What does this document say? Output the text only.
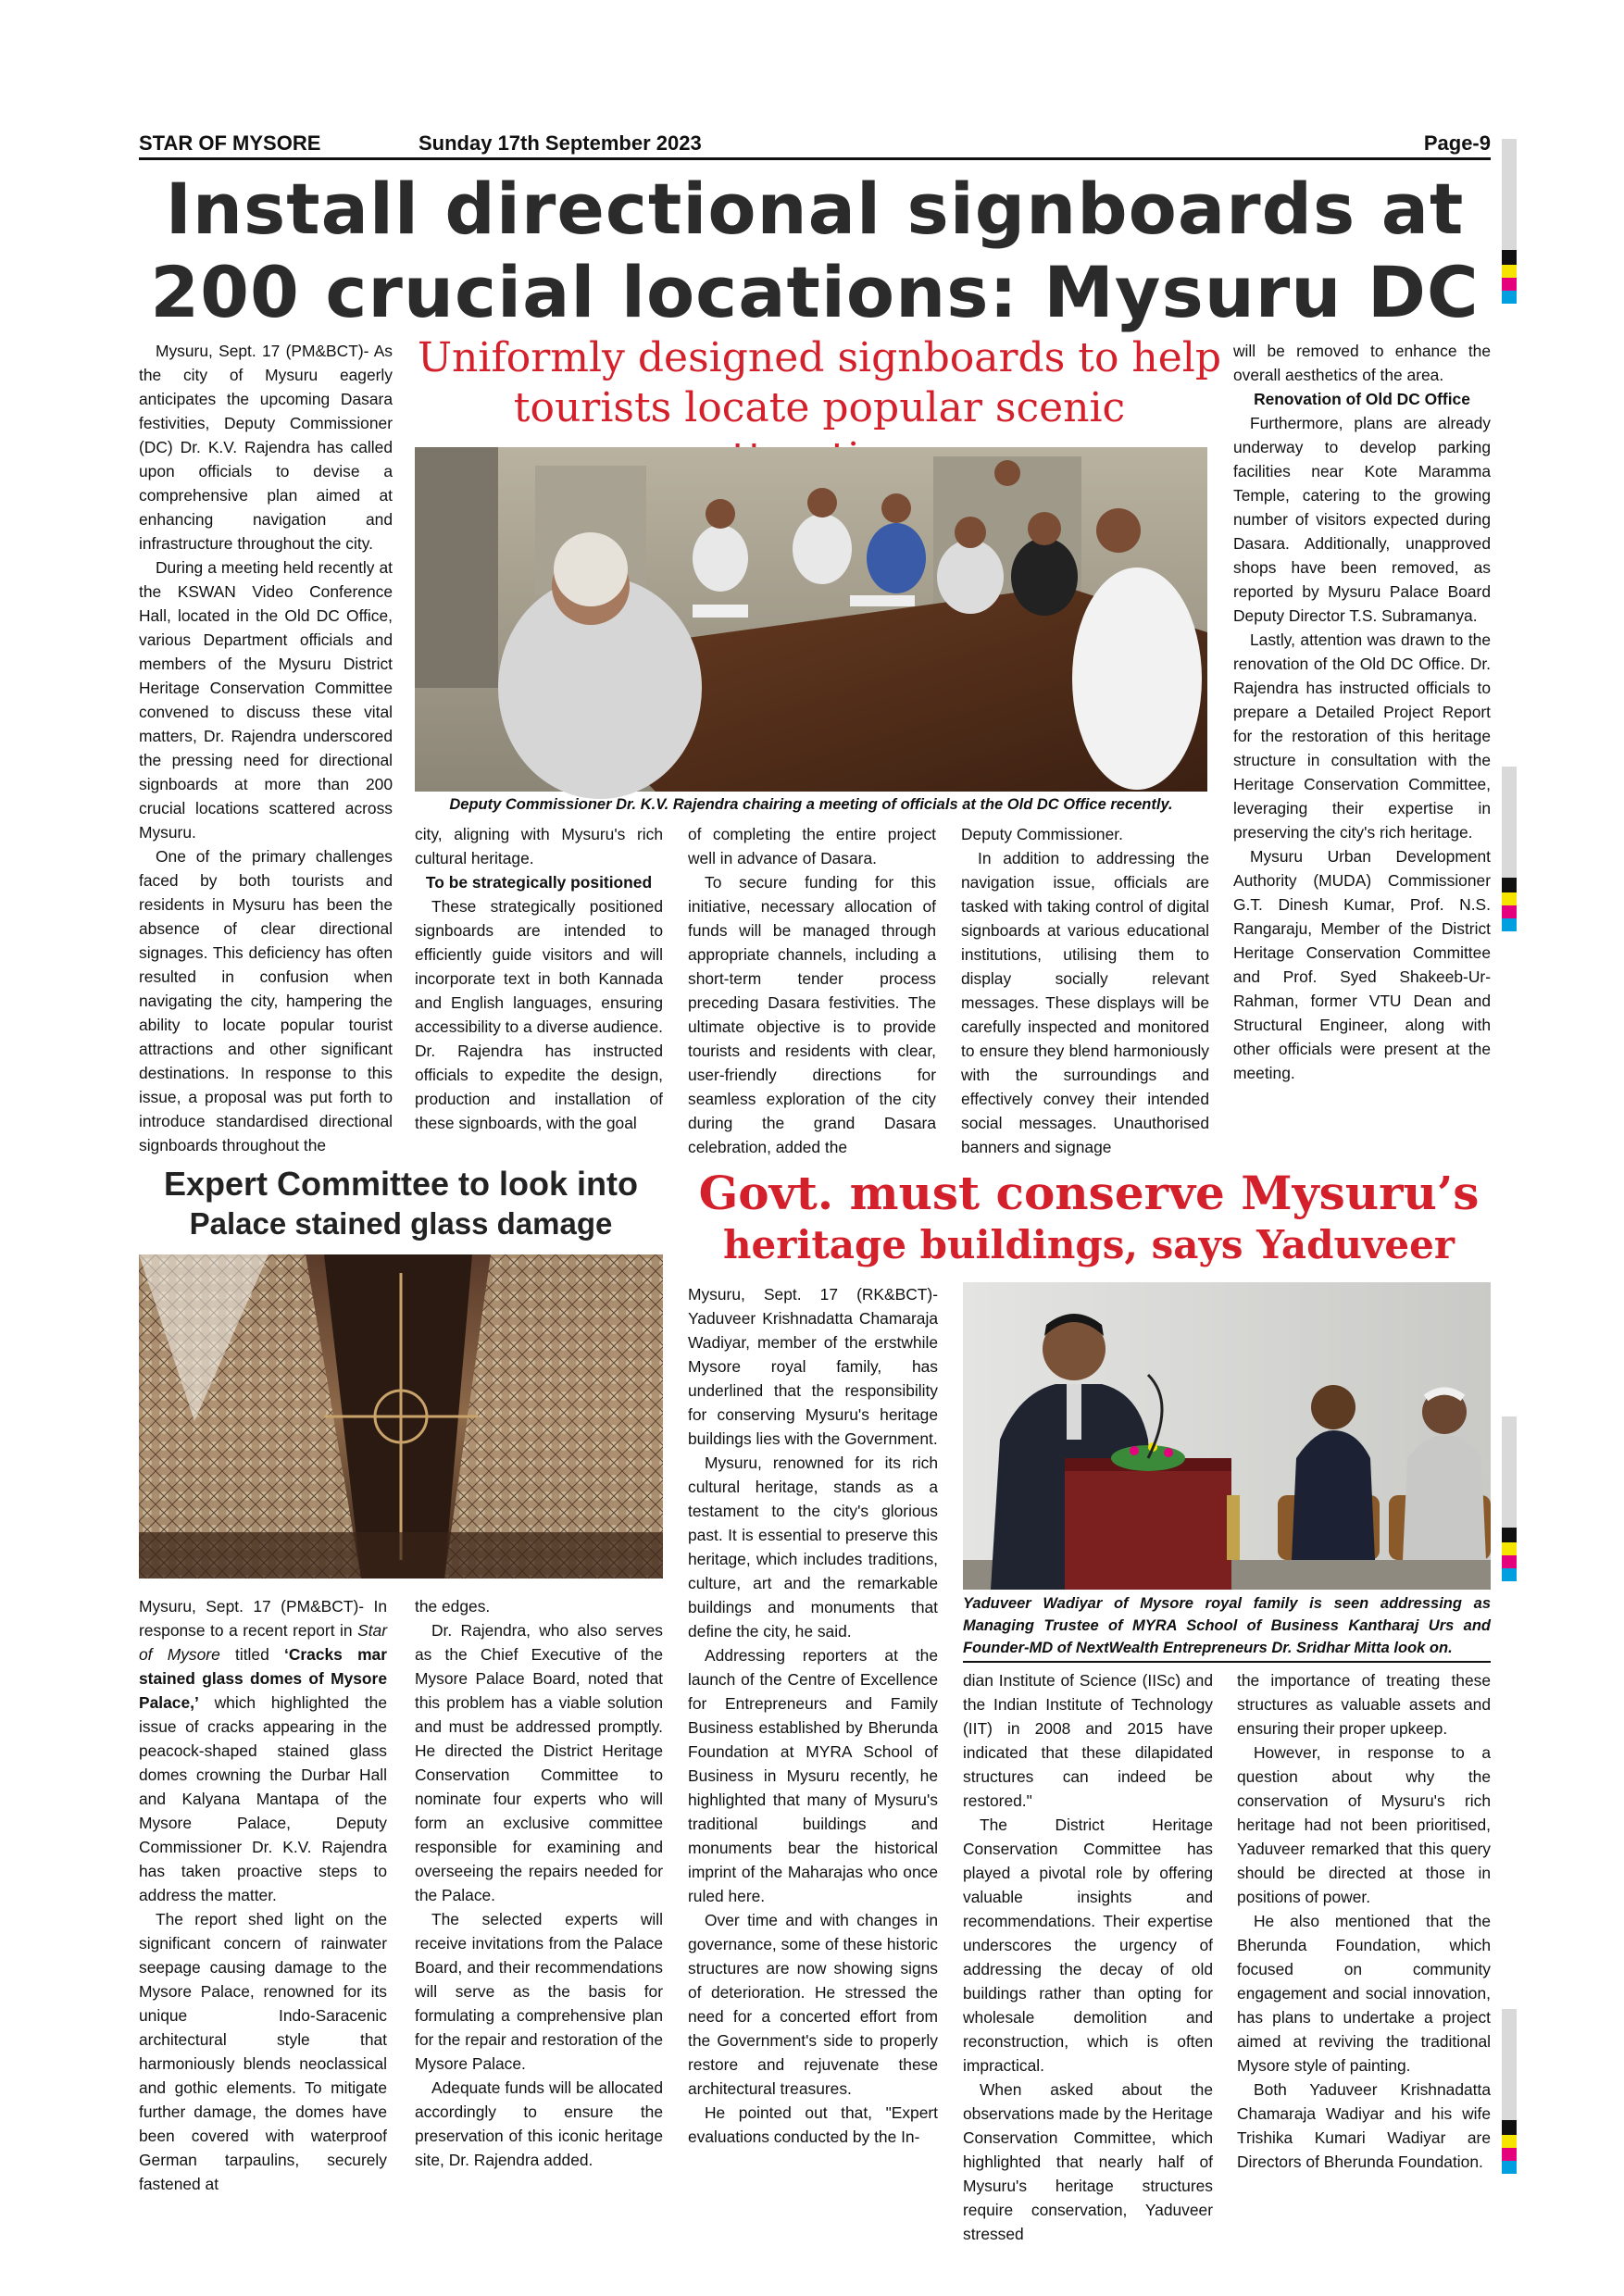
STAR OF MYSORE	Sunday 17th September 2023	Page-9
Install directional signboards at
200 crucial locations: Mysuru DC
Uniformly designed signboards to help
tourists locate popular scenic
Deputy Commissioner Dr. K.V. Rajendra chairing a meeting of officials at the Old DC Office recently.

Mysuru, Sept. 17 (PM&BCT)- As the city of Mysuru eagerly anticipates the upcoming Dasara festivities, Deputy Commissioner (DC) Dr. K.V. Rajendra has called upon officials to devise a comprehensive plan aimed at enhancing navigation and infrastructure throughout the city.

During a meeting held recently at the KSWAN Video Conference Hall, located in the Old DC Office, various Department officials and members of the Mysuru District Heritage Conservation Committee convened to discuss these vital matters, Dr. Rajendra underscored the pressing need for directional signboards at more than 200 crucial locations scattered across Mysuru.

One of the primary challenges faced by both tourists and residents in Mysuru has been the absence of clear directional signages. This deficiency has often resulted in confusion when navigating the city, hampering the ability to locate popular tourist attractions and other significant destinations. In response to this issue, a proposal was put forth to introduce standardised directional signboards throughout the

city, aligning with Mysuru's rich cultural heritage.

To be strategically positioned

These strategically positioned signboards are intended to efficiently guide visitors and will incorporate text in both Kannada and English languages, ensuring accessibility to a diverse audience. Dr. Rajendra has instructed officials to expedite the design, production and installation of these signboards, with the goal

of completing the entire project well in advance of Dasara.

To secure funding for this initiative, necessary allocation of funds will be managed through appropriate channels, including a short-term tender process preceding Dasara festivities. The ultimate objective is to provide tourists and residents with clear, user-friendly directions for seamless exploration of the city during the grand Dasara celebration, added the

Deputy Commissioner.

In addition to addressing the navigation issue, officials are tasked with taking control of digital signboards at various educational institutions, utilising them to display socially relevant messages. These displays will be carefully inspected and monitored to ensure they blend harmoniously with the surroundings and effectively convey their intended social messages. Unauthorised banners and signage

will be removed to enhance the overall aesthetics of the area.

Renovation of Old DC Office

Furthermore, plans are already underway to develop parking facilities near Kote Maramma Temple, catering to the growing number of visitors expected during Dasara. Additionally, unapproved shops have been removed, as reported by Mysuru Palace Board Deputy Director T.S. Subramanya.

Lastly, attention was drawn to the renovation of the Old DC Office. Dr. Rajendra has instructed officials to prepare a Detailed Project Report for the restoration of this heritage structure in consultation with the Heritage Conservation Committee, leveraging their expertise in preserving the city's rich heritage.

Mysuru Urban Development Authority (MUDA) Commissioner G.T. Dinesh Kumar, Prof. N.S. Rangaraju, Member of the District Heritage Conservation Committee and Prof. Syed Shakeeb-Ur-Rahman, former VTU Dean and Structural Engineer, along with other officials were present at the meeting.

Expert Committee to look into
Palace stained glass damage

Mysuru, Sept. 17 (PM&BCT)- In response to a recent report in Star of Mysore titled ‘Cracks mar stained glass domes of Mysore Palace,’ which highlighted the issue of cracks appearing in the peacock-shaped stained glass domes crowning the Durbar Hall and Kalyana Mantapa of the Mysore Palace, Deputy Commissioner Dr. K.V. Rajendra has taken proactive steps to address the matter.

The report shed light on the significant concern of rainwater seepage causing damage to the Mysore Palace, renowned for its unique Indo-Saracenic architectural style that harmoniously blends neoclassical and gothic elements. To mitigate further damage, the domes have been covered with waterproof German tarpaulins, securely fastened at

the edges.

Dr. Rajendra, who also serves as the Chief Executive of the Mysore Palace Board, noted that this problem has a viable solution and must be addressed promptly. He directed the District Heritage Conservation Committee to nominate four experts who will form an exclusive committee responsible for examining and overseeing the repairs needed for the Palace.

The selected experts will receive invitations from the Palace Board, and their recommendations will serve as the basis for formulating a comprehensive plan for the repair and restoration of the Mysore Palace.

Adequate funds will be allocated accordingly to ensure the preservation of this iconic heritage site, Dr. Rajendra added.

Govt. must conserve Mysuru’s
heritage buildings, says Yaduveer
Yaduveer Wadiyar of Mysore royal family is seen addressing as Managing Trustee of MYRA School of Business Kantharaj Urs and Founder-MD of NextWealth Entrepreneurs Dr. Sridhar Mitta look on.

Mysuru, Sept. 17 (RK&BCT)- Yaduveer Krishnadatta Chamaraja Wadiyar, member of the erstwhile Mysore royal family, has underlined that the responsibility for conserving Mysuru's heritage buildings lies with the Government.

Mysuru, renowned for its rich cultural heritage, stands as a testament to the city's glorious past. It is essential to preserve this heritage, which includes traditions, culture, art and the remarkable buildings and monuments that define the city, he said.

Addressing reporters at the launch of the Centre of Excellence for Entrepreneurs and Family Business established by Bherunda Foundation at MYRA School of Business in Mysuru recently, he highlighted that many of Mysuru's traditional buildings and monuments bear the historical imprint of the Maharajas who once ruled here.

Over time and with changes in governance, some of these historic structures are now showing signs of deterioration. He stressed the need for a concerted effort from the Government's side to properly restore and rejuvenate these architectural treasures.

He pointed out that, "Expert evaluations conducted by the In-

dian Institute of Science (IISc) and the Indian Institute of Technology (IIT) in 2008 and 2015 have indicated that these dilapidated structures can indeed be restored."

The District Heritage Conservation Committee has played a pivotal role by offering valuable insights and recommendations. Their expertise underscores the urgency of addressing the decay of old buildings rather than opting for wholesale demolition and reconstruction, which is often impractical.

When asked about the observations made by the Heritage Conservation Committee, which highlighted that nearly half of Mysuru's heritage structures require conservation, Yaduveer stressed

the importance of treating these structures as valuable assets and ensuring their proper upkeep.

However, in response to a question about why the conservation of Mysuru's rich heritage had not been prioritised, Yaduveer remarked that this query should be directed at those in positions of power.

He also mentioned that the Bherunda Foundation, which focused on community engagement and social innovation, has plans to undertake a project aimed at reviving the traditional Mysore style of painting.

Both Yaduveer Krishnadatta Chamaraja Wadiyar and his wife Trishika Kumari Wadiyar are Directors of Bherunda Foundation.
